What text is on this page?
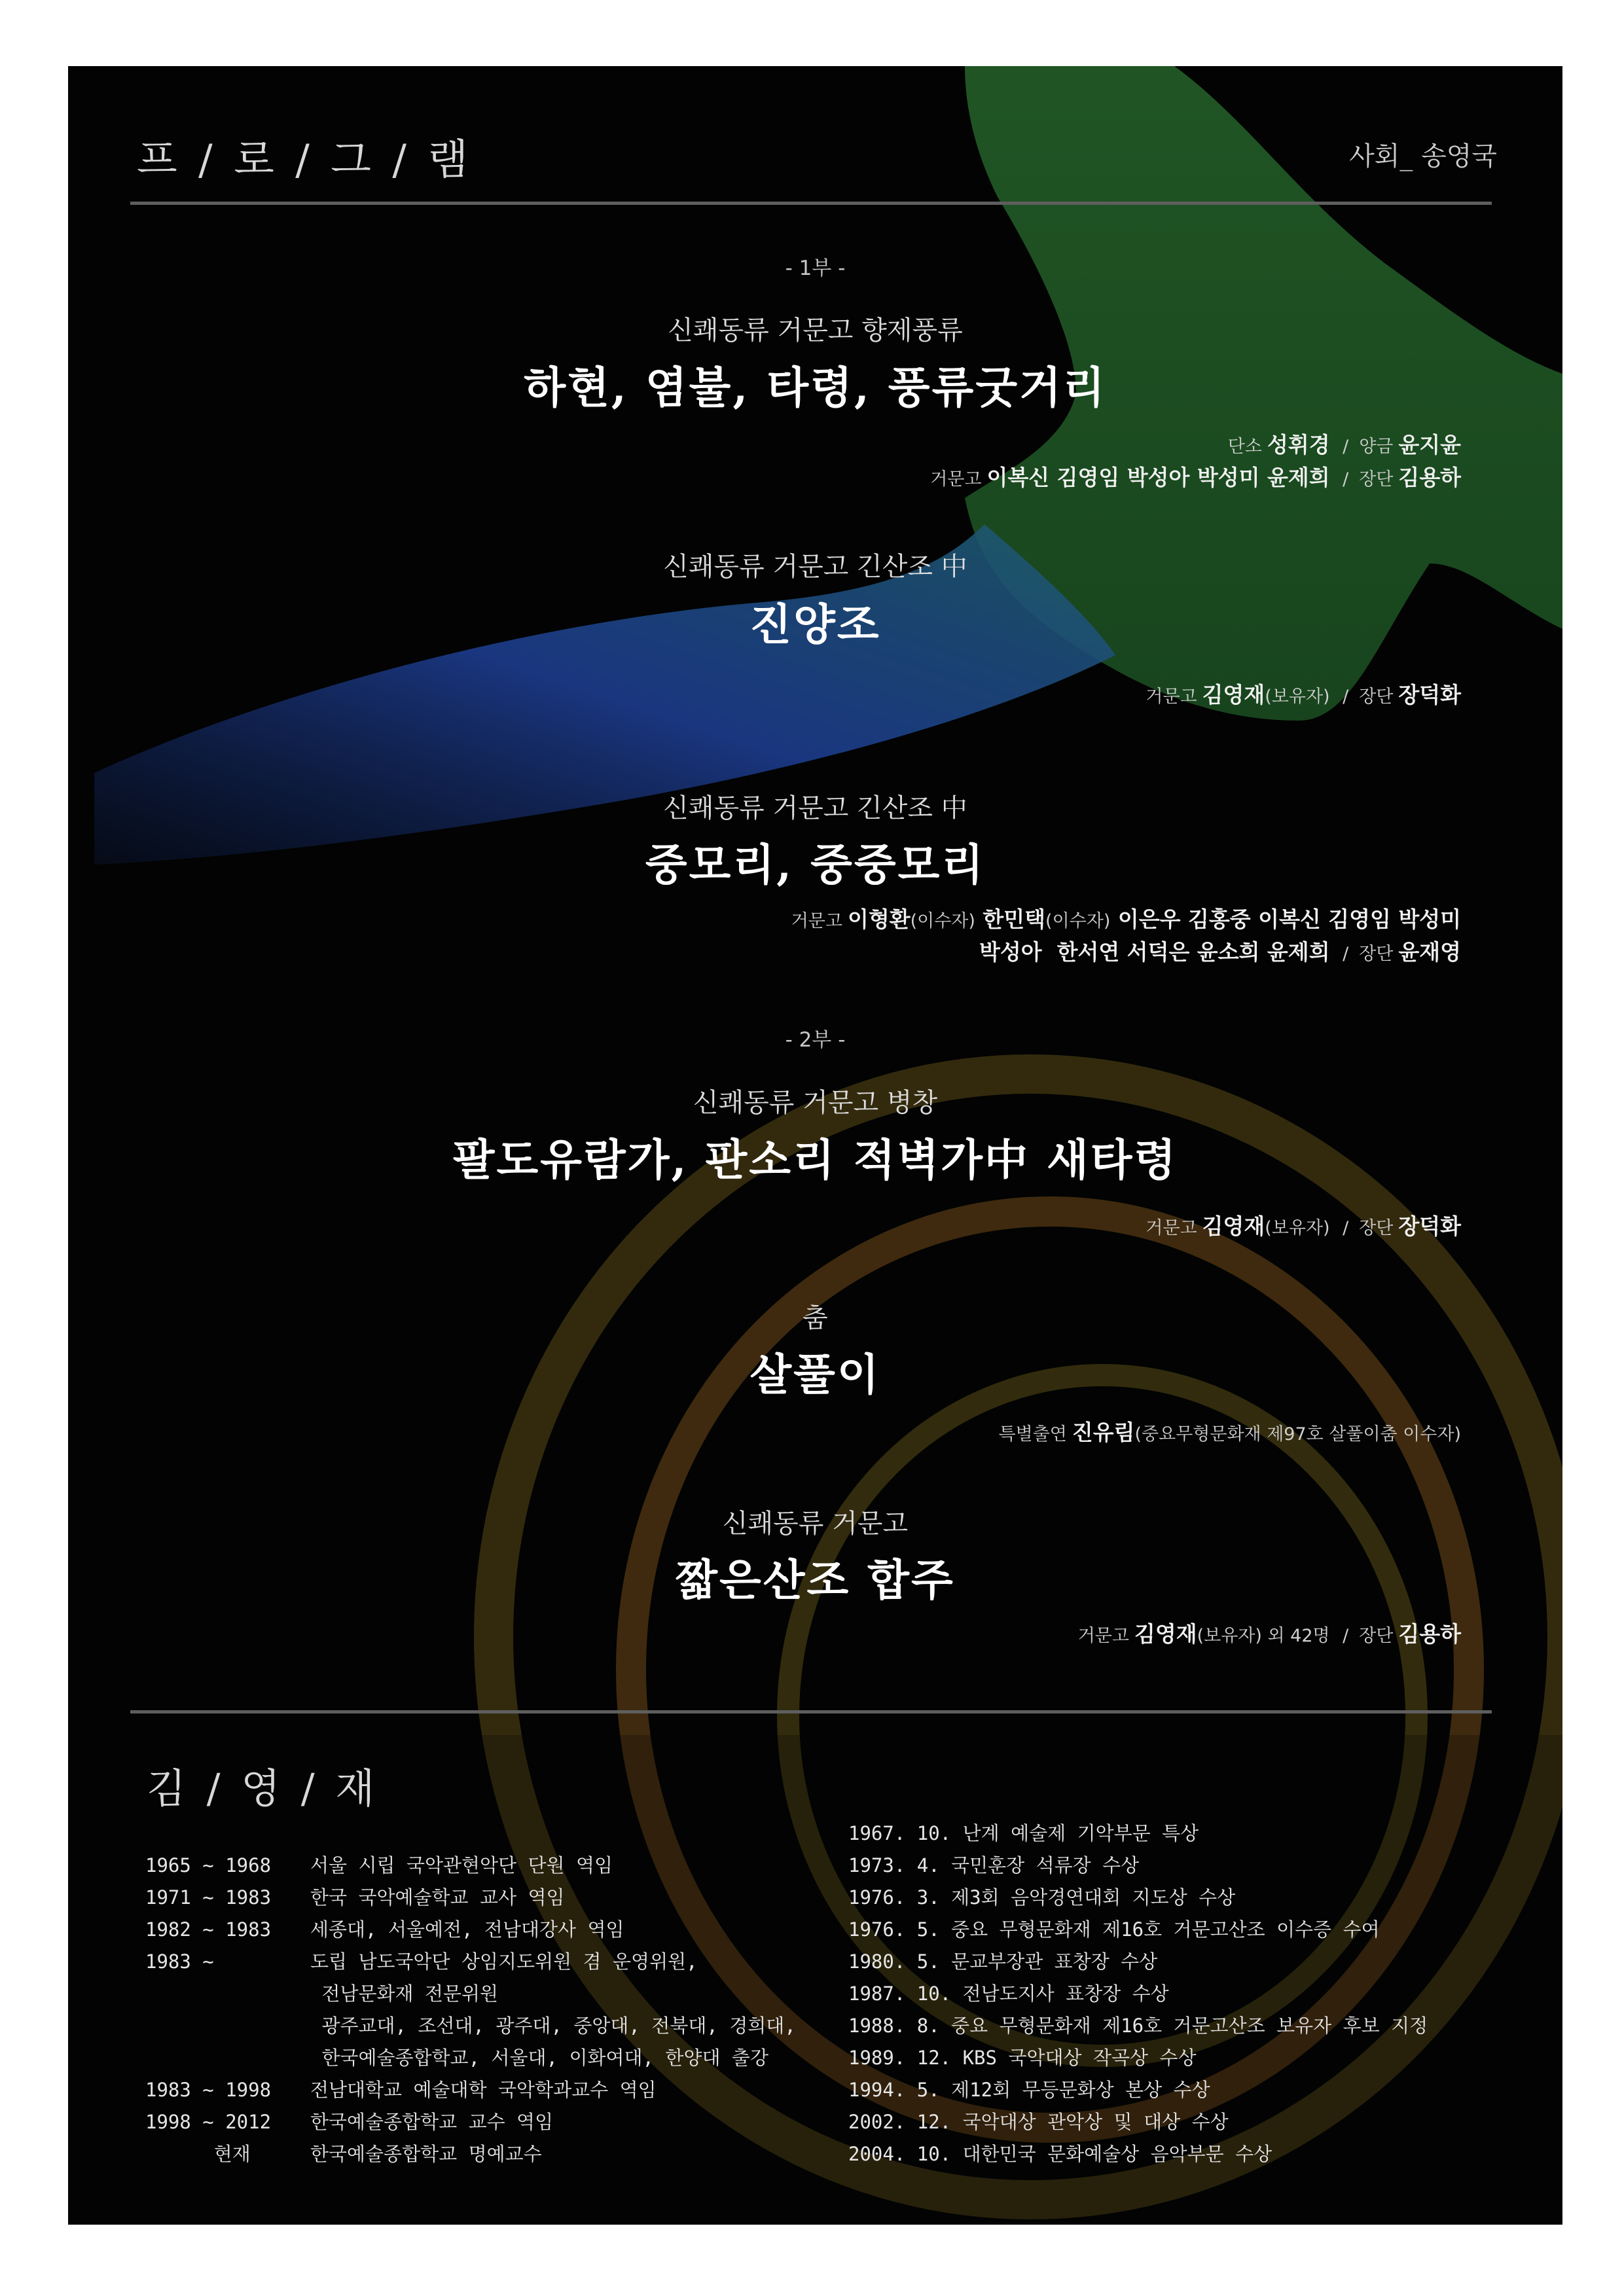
프 / 로 / 그 / 램	사회_ 송영국
- 1부 -
신쾌동류 거문고 향제풍류
하현, 염불, 타령, 풍류굿거리
단소 성휘경 / 양금 윤지윤
거문고 이복신 김영임 박성아 박성미 윤제희 / 장단 김용하
신쾌동류 거문고 긴산조 中
진양조
거문고 김영재(보유자) / 장단 장덕화
신쾌동류 거문고 긴산조 中
중모리, 중중모리
거문고 이형환(이수자) 한민택(이수자) 이은우 김홍중 이복신 김영임 박성미
박성아  한서연 서덕은 윤소희 윤제희 / 장단 윤재영
- 2부 -
신쾌동류 거문고 병창
팔도유람가, 판소리 적벽가中 새타령
거문고 김영재(보유자) / 장단 장덕화
춤
살풀이
특별출연 진유림(중요무형문화재 제97호 살풀이춤 이수자)
신쾌동류 거문고
짧은산조 합주
거문고 김영재(보유자) 외 42명 / 장단 김용하
김 / 영 / 재
1965 ~ 1968 서울 시립 국악관현악단 단원 역임
1971 ~ 1983 한국 국악예술학교 교사 역임
1982 ~ 1983 세종대, 서울예전, 전남대강사 역임
1983 ~	도립 남도국악단 상임지도위원 겸 운영위원,
전남문화재 전문위원
광주교대, 조선대, 광주대, 중앙대, 전북대, 경희대,
한국예술종합학교, 서울대, 이화여대, 한양대 출강
1983 ~ 1998 전남대학교 예술대학 국악학과교수 역임
1998 ~ 2012 한국예술종합학교 교수 역임
현재	한국예술종합학교 명예교수
1967. 10. 난계 예술제 기악부문 특상
1973. 4. 국민훈장 석류장 수상
1976. 3. 제3회 음악경연대회 지도상 수상
1976. 5. 중요 무형문화재 제16호 거문고산조 이수증 수여
1980. 5. 문교부장관 표창장 수상
1987. 10. 전남도지사 표창장 수상
1988. 8. 중요 무형문화재 제16호 거문고산조 보유자 후보 지정
1989. 12. KBS 국악대상 작곡상 수상
1994. 5. 제12회 무등문화상 본상 수상
2002. 12. 국악대상 관악상 및 대상 수상
2004. 10. 대한민국 문화예술상 음악부문 수상
